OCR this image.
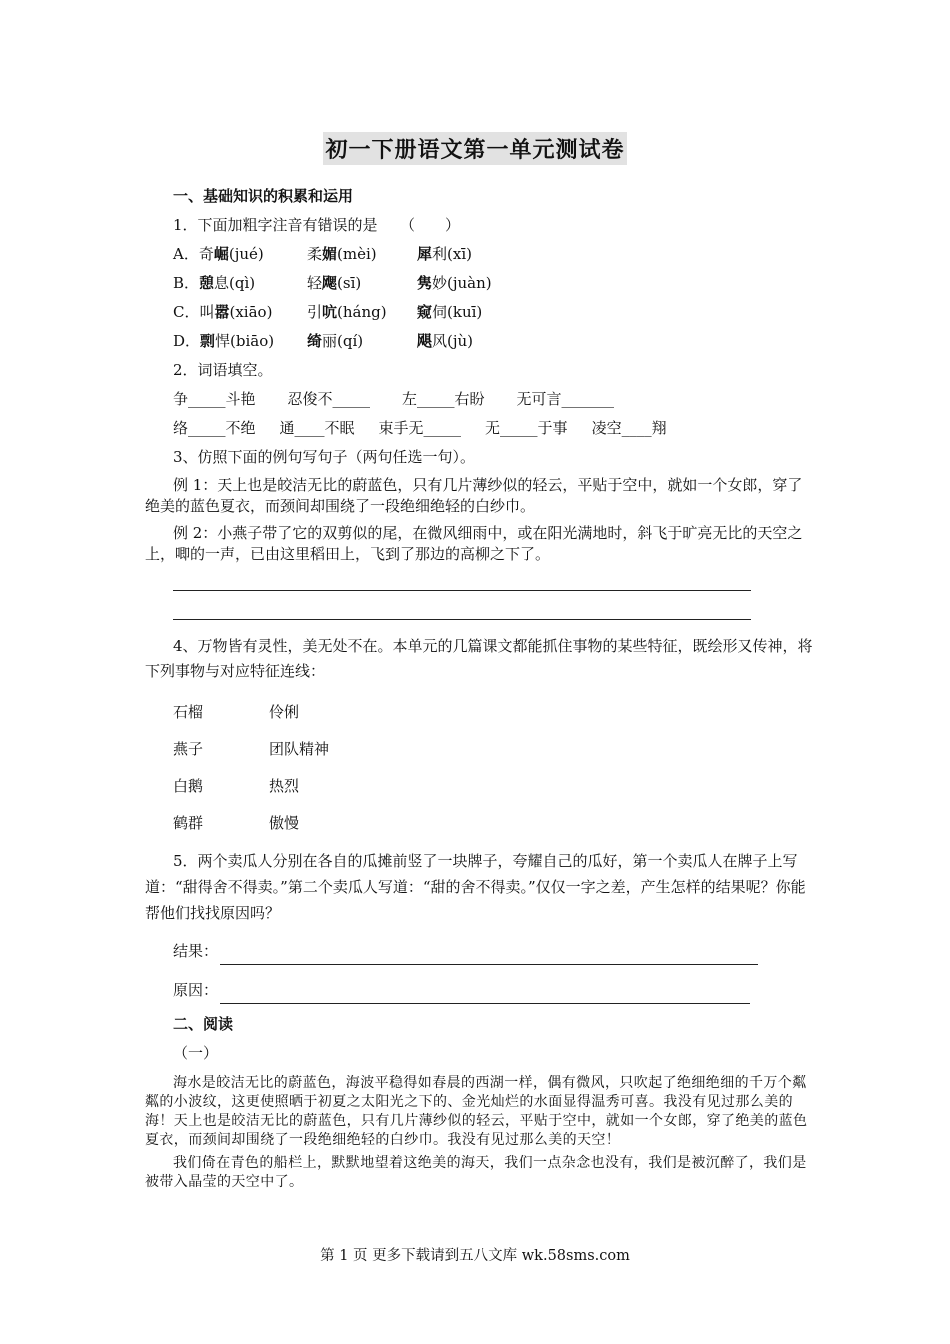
初一下册语文第一单元测试卷
一、基础知识的积累和运用
1．下面加粗字注音有错误的是　　（　　）
A．奇崛(jué)	柔媚(mèi)	犀利(xī)
B．憩息(qì)	轻飔(sī)	隽妙(juàn)
C．叫嚣(xiāo)	引吭(háng)	窥伺(kuī)
D．剽悍(biāo)	绮丽(qí)	飓风(jù)
2．词语填空。
争_____斗艳 忍俊不_____ 左_____右盼 无可言_______
络_____不绝 通____不眠 束手无_____ 无_____于事 凌空____翔
3、仿照下面的例句写句子（两句任选一句）。
例 1：天上也是皎洁无比的蔚蓝色，只有几片薄纱似的轻云，平贴于空中，就如一个女郎，穿了绝美的蓝色夏衣，而颈间却围绕了一段绝细绝轻的白纱巾。
例 2：小燕子带了它的双剪似的尾，在微风细雨中，或在阳光满地时，斜飞于旷亮无比的天空之上，唧的一声，已由这里稻田上，飞到了那边的高柳之下了。
4、万物皆有灵性，美无处不在。本单元的几篇课文都能抓住事物的某些特征，既绘形又传神，将下列事物与对应特征连线：
石榴	伶俐
燕子	团队精神
白鹅	热烈
鹤群	傲慢
5．两个卖瓜人分别在各自的瓜摊前竖了一块牌子，夸耀自己的瓜好，第一个卖瓜人在牌子上写道：“甜得舍不得卖。”第二个卖瓜人写道：“甜的舍不得卖。”仅仅一字之差，产生怎样的结果呢？你能帮他们找找原因吗？
结果：
原因：
二、阅读
（一）
海水是皎洁无比的蔚蓝色，海波平稳得如春晨的西湖一样，偶有微风，只吹起了绝细绝细的千万个粼粼的小波纹，这更使照晒于初夏之太阳光之下的、金光灿烂的水面显得温秀可喜。我没有见过那么美的海！天上也是皎洁无比的蔚蓝色，只有几片薄纱似的轻云，平贴于空中，就如一个女郎，穿了绝美的蓝色夏衣，而颈间却围绕了一段绝细绝轻的白纱巾。我没有见过那么美的天空！
我们倚在青色的船栏上，默默地望着这绝美的海天，我们一点杂念也没有，我们是被沉醉了，我们是被带入晶莹的天空中了。
第 1 页 更多下载请到五八文库 wk.58sms.com
